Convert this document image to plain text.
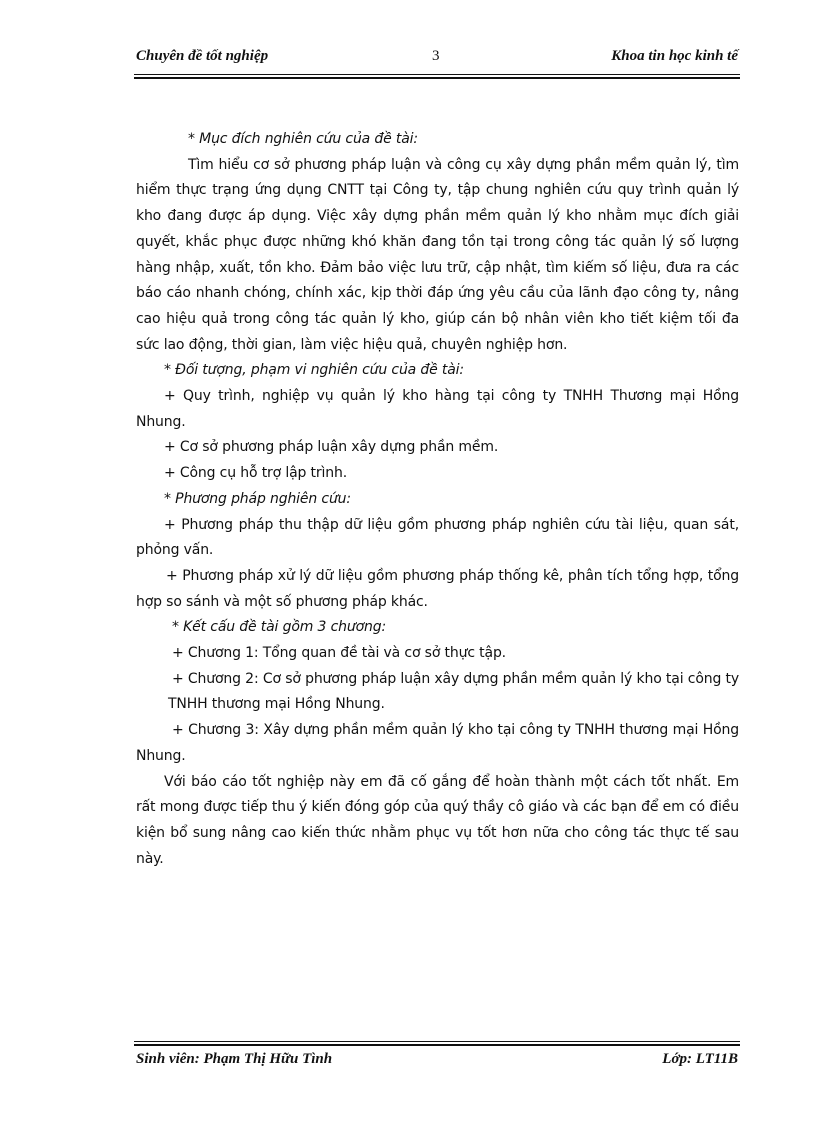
Chuyên đề tốt nghiệp	3	Khoa tin học kinh tế

* Mục đích nghiên cứu của đề tài:

Tìm hiểu cơ sở phương pháp luận và công cụ xây dựng phần mềm quản lý, tìm hiểm thực trạng ứng dụng CNTT tại Công ty, tập chung nghiên cứu quy trình quản lý kho đang được áp dụng. Việc xây dựng phần mềm quản lý kho nhằm mục đích giải quyết, khắc phục được những khó khăn đang tồn tại trong công tác quản lý số lượng hàng nhập, xuất, tồn kho. Đảm bảo việc lưu trữ, cập nhật, tìm kiếm số liệu, đưa ra các báo cáo nhanh chóng, chính xác, kịp thời đáp ứng yêu cầu của lãnh đạo công ty, nâng cao hiệu quả trong công tác quản lý kho, giúp cán bộ nhân viên kho tiết kiệm tối đa sức lao động, thời gian, làm việc hiệu quả, chuyên nghiệp hơn.

* Đối tượng, phạm vi nghiên cứu của đề tài:

+ Quy trình, nghiệp vụ quản lý kho hàng tại công ty TNHH Thương mại Hồng Nhung.

+ Cơ sở phương pháp luận xây dựng phần mềm.

+ Công cụ hỗ trợ lập trình.

* Phương pháp nghiên cứu:

+ Phương pháp thu thập dữ liệu gồm phương pháp nghiên cứu tài liệu, quan sát, phỏng vấn.

+ Phương pháp xử lý dữ liệu gồm phương pháp thống kê, phân tích tổng hợp, tổng hợp so sánh và một số phương pháp khác.

* Kết cấu đề tài gồm 3 chương:

+ Chương 1: Tổng quan đề tài và cơ sở thực tập.

+ Chương 2: Cơ sở phương pháp luận xây dựng phần mềm quản lý kho tại công ty TNHH thương mại Hồng Nhung.

+ Chương 3: Xây dựng phần mềm quản lý kho tại công ty TNHH thương mại Hồng Nhung.

Với báo cáo tốt nghiệp này em đã cố gắng để hoàn thành một cách tốt nhất. Em rất mong được tiếp thu ý kiến đóng góp của quý thầy cô giáo và các bạn để em có điều kiện bổ sung nâng cao kiến thức nhằm phục vụ tốt hơn nữa cho công tác thực tế sau này.

Sinh viên: Phạm Thị Hữu Tình	Lớp: LT11B
